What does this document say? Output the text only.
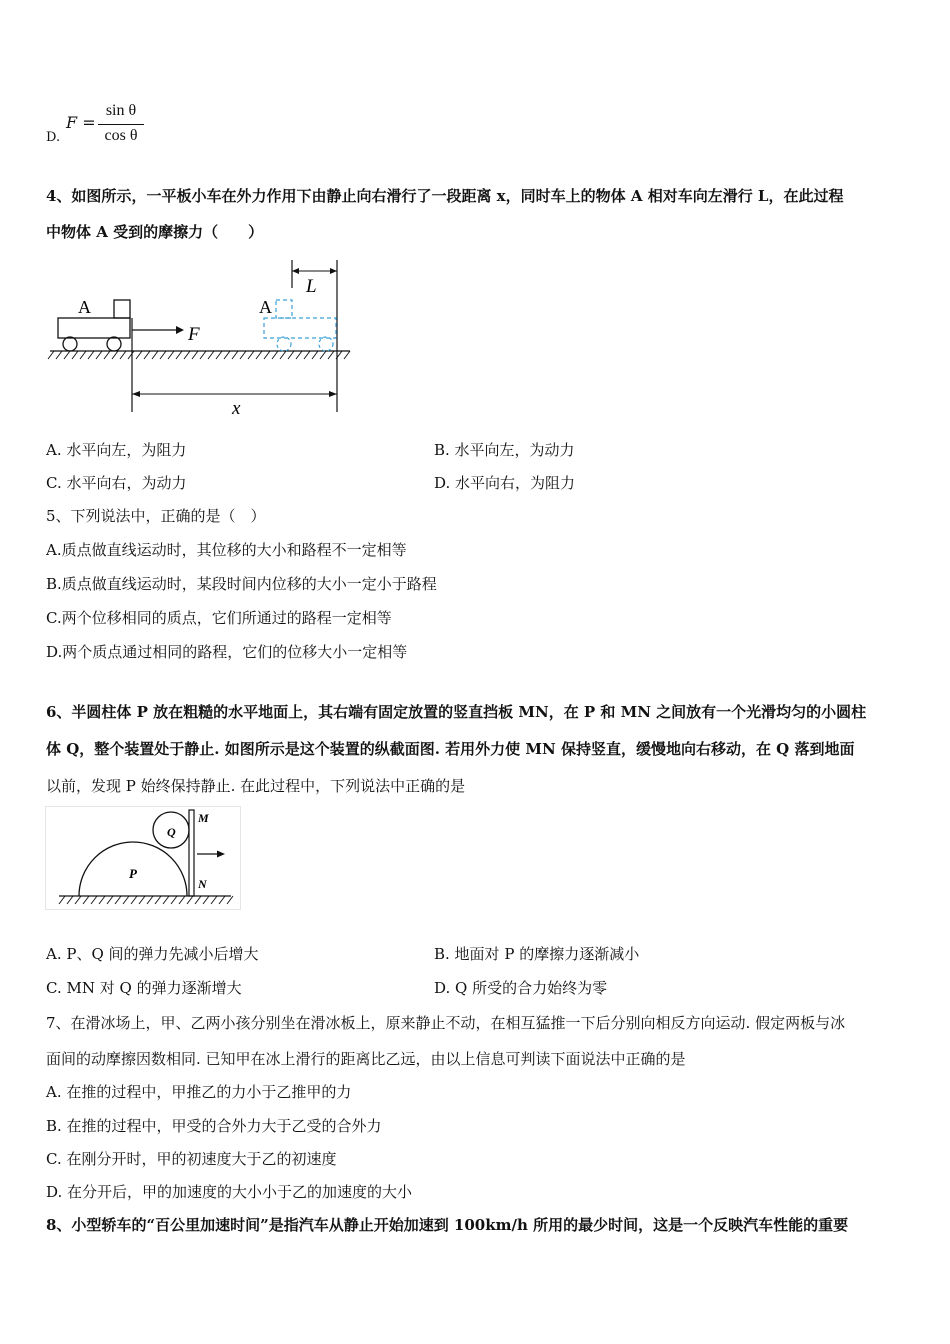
D.
F =
sin θ
cos θ
4、如图所示，一平板小车在外力作用下由静止向右滑行了一段距离 x，同时车上的物体 A 相对车向左滑行 L，在此过程
中物体 A 受到的摩擦力（　　）
A
F
L
A
x
A. 水平向左，为阻力	B. 水平向左，为动力
C. 水平向右，为动力	D. 水平向右，为阻力
5、下列说法中，正确的是（　）
A.质点做直线运动时，其位移的大小和路程不一定相等
B.质点做直线运动时，某段时间内位移的大小一定小于路程
C.两个位移相同的质点，它们所通过的路程一定相等
D.两个质点通过相同的路程，它们的位移大小一定相等
6、半圆柱体 P 放在粗糙的水平地面上，其右端有固定放置的竖直挡板 MN，在 P 和 MN 之间放有一个光滑均匀的小圆柱
体 Q，整个装置处于静止. 如图所示是这个装置的纵截面图. 若用外力使 MN 保持竖直，缓慢地向右移动，在 Q 落到地面
以前，发现 P 始终保持静止. 在此过程中，下列说法中正确的是
P
Q
M
N
A. P、Q 间的弹力先减小后增大	B. 地面对 P 的摩擦力逐渐减小
C. MN 对 Q 的弹力逐渐增大	D. Q 所受的合力始终为零
7、在滑冰场上，甲、乙两小孩分别坐在滑冰板上，原来静止不动，在相互猛推一下后分别向相反方向运动. 假定两板与冰
面间的动摩擦因数相同. 已知甲在冰上滑行的距离比乙远，由以上信息可判读下面说法中正确的是
A. 在推的过程中，甲推乙的力小于乙推甲的力
B. 在推的过程中，甲受的合外力大于乙受的合外力
C. 在刚分开时，甲的初速度大于乙的初速度
D. 在分开后，甲的加速度的大小小于乙的加速度的大小
8、小型轿车的“百公里加速时间”是指汽车从静止开始加速到 100km/h 所用的最少时间，这是一个反映汽车性能的重要
